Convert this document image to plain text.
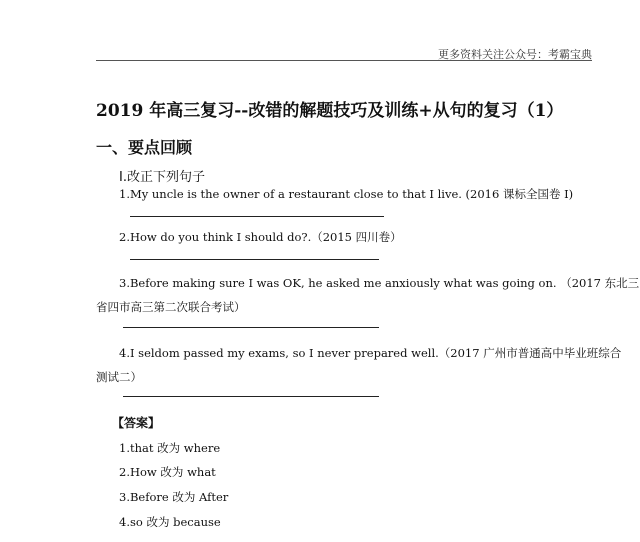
更多资料关注公众号：考霸宝典
2019 年高三复习--改错的解题技巧及训练+从句的复习（1）
一、要点回顾
Ⅰ.改正下列句子
1.My uncle is the owner of a restaurant close to that I live. (2016 课标全国卷 Ⅰ)
2.How do you think I should do?.（2015 四川卷）
3.Before making sure I was OK, he asked me anxiously what was going on. （2017 东北三
省四市高三第二次联合考试）
4.I seldom passed my exams, so I never prepared well.（2017 广州市普通高中毕业班综合
测试二）
【答案】
1.that 改为 where
2.How 改为 what
3.Before 改为 After
4.so 改为 because
